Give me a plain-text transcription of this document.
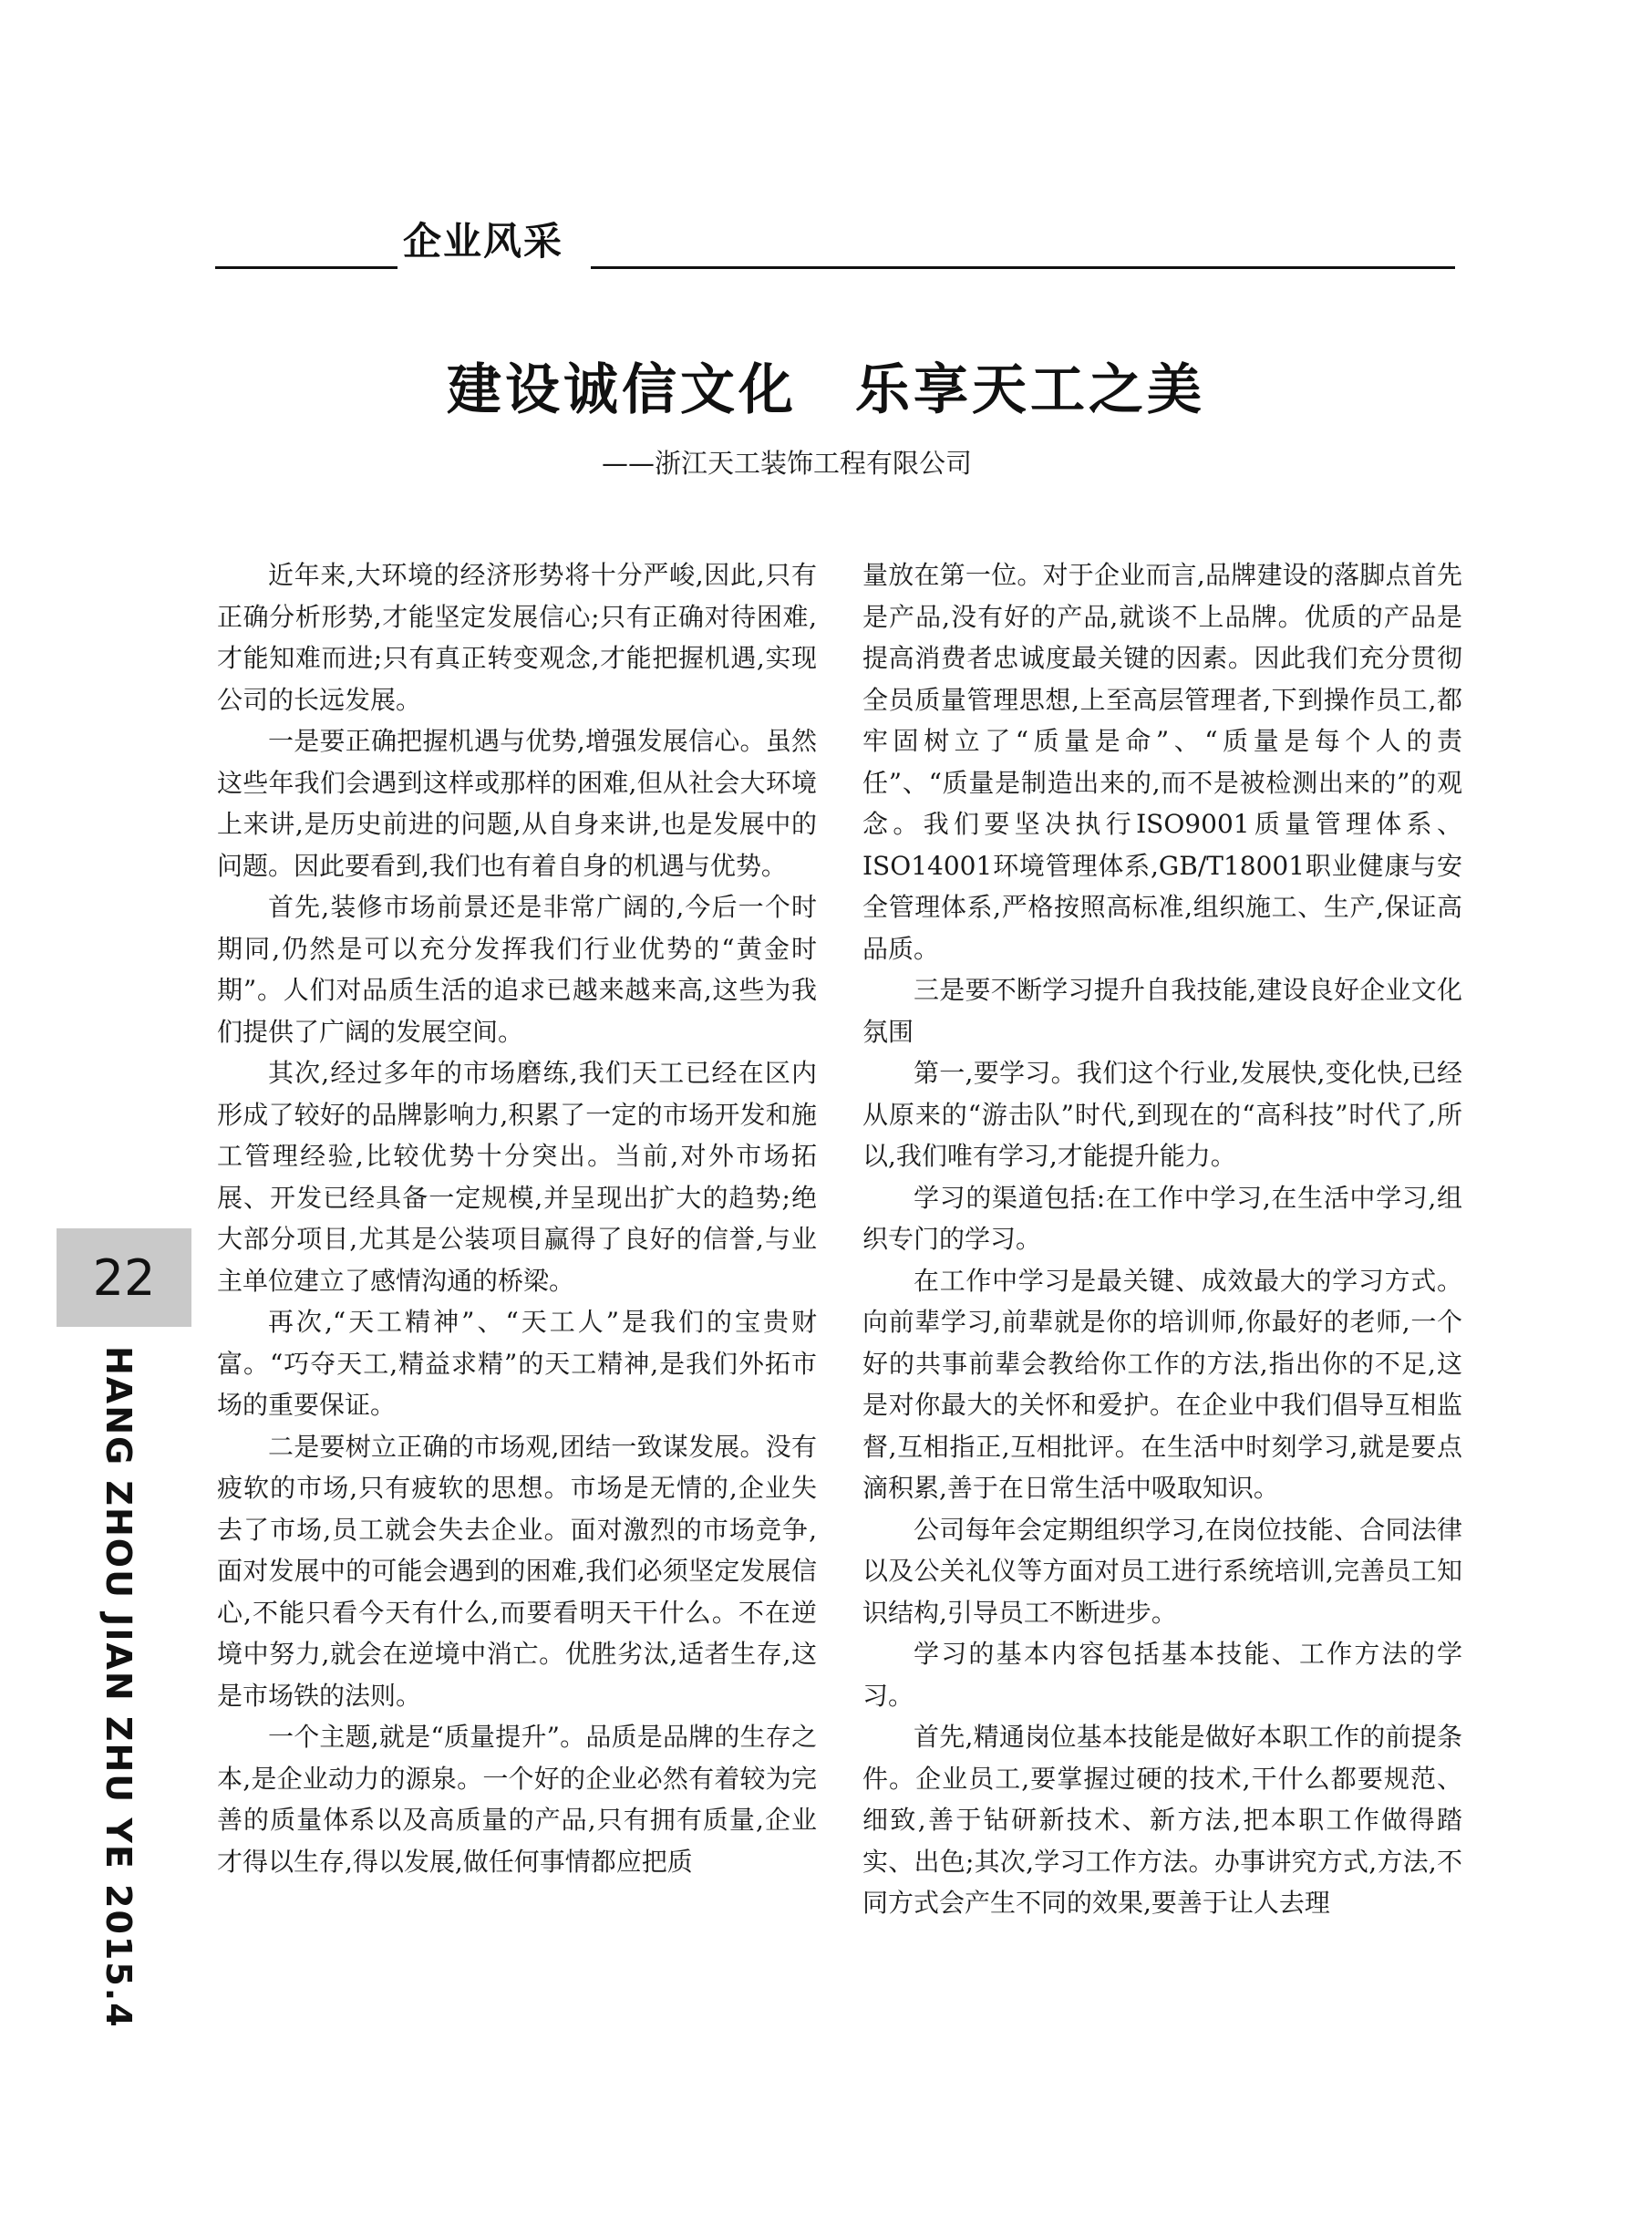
企业风采
建设诚信文化　乐享天工之美
——浙江天工装饰工程有限公司

近年来,大环境的经济形势将十分严峻,因此,只有正确分析形势,才能坚定发展信心;只有正确对待困难,才能知难而进;只有真正转变观念,才能把握机遇,实现公司的长远发展。

一是要正确把握机遇与优势,增强发展信心。虽然这些年我们会遇到这样或那样的困难,但从社会大环境上来讲,是历史前进的问题,从自身来讲,也是发展中的问题。因此要看到,我们也有着自身的机遇与优势。

首先,装修市场前景还是非常广阔的,今后一个时期同,仍然是可以充分发挥我们行业优势的“黄金时期”。人们对品质生活的追求已越来越来高,这些为我们提供了广阔的发展空间。

其次,经过多年的市场磨练,我们天工已经在区内形成了较好的品牌影响力,积累了一定的市场开发和施工管理经验,比较优势十分突出。当前,对外市场拓展、开发已经具备一定规模,并呈现出扩大的趋势;绝大部分项目,尤其是公装项目赢得了良好的信誉,与业主单位建立了感情沟通的桥梁。

再次,“天工精神”、“天工人”是我们的宝贵财富。“巧夺天工,精益求精”的天工精神,是我们外拓市场的重要保证。

二是要树立正确的市场观,团结一致谋发展。没有疲软的市场,只有疲软的思想。市场是无情的,企业失去了市场,员工就会失去企业。面对激烈的市场竞争,面对发展中的可能会遇到的困难,我们必须坚定发展信心,不能只看今天有什么,而要看明天干什么。不在逆境中努力,就会在逆境中消亡。优胜劣汰,适者生存,这是市场铁的法则。

一个主题,就是“质量提升”。品质是品牌的生存之本,是企业动力的源泉。一个好的企业必然有着较为完善的质量体系以及高质量的产品,只有拥有质量,企业才得以生存,得以发展,做任何事情都应把质

量放在第一位。对于企业而言,品牌建设的落脚点首先是产品,没有好的产品,就谈不上品牌。优质的产品是提高消费者忠诚度最关键的因素。因此我们充分贯彻全员质量管理思想,上至高层管理者,下到操作员工,都牢固树立了“质量是命”、“质量是每个人的责任”、“质量是制造出来的,而不是被检测出来的”的观念。我们要坚决执行ISO9001质量管理体系、ISO14001环境管理体系,GB/T18001职业健康与安全管理体系,严格按照高标准,组织施工、生产,保证高品质。

三是要不断学习提升自我技能,建设良好企业文化氛围

第一,要学习。我们这个行业,发展快,变化快,已经从原来的“游击队”时代,到现在的“高科技”时代了,所以,我们唯有学习,才能提升能力。

学习的渠道包括:在工作中学习,在生活中学习,组织专门的学习。

在工作中学习是最关键、成效最大的学习方式。向前辈学习,前辈就是你的培训师,你最好的老师,一个好的共事前辈会教给你工作的方法,指出你的不足,这是对你最大的关怀和爱护。在企业中我们倡导互相监督,互相指正,互相批评。在生活中时刻学习,就是要点滴积累,善于在日常生活中吸取知识。

公司每年会定期组织学习,在岗位技能、合同法律以及公关礼仪等方面对员工进行系统培训,完善员工知识结构,引导员工不断进步。

学习的基本内容包括基本技能、工作方法的学习。

首先,精通岗位基本技能是做好本职工作的前提条件。企业员工,要掌握过硬的技术,干什么都要规范、细致,善于钻研新技术、新方法,把本职工作做得踏实、出色;其次,学习工作方法。办事讲究方式,方法,不同方式会产生不同的效果,要善于让人去理

22
HANG ZHOU JIAN ZHU YE 2015.4
